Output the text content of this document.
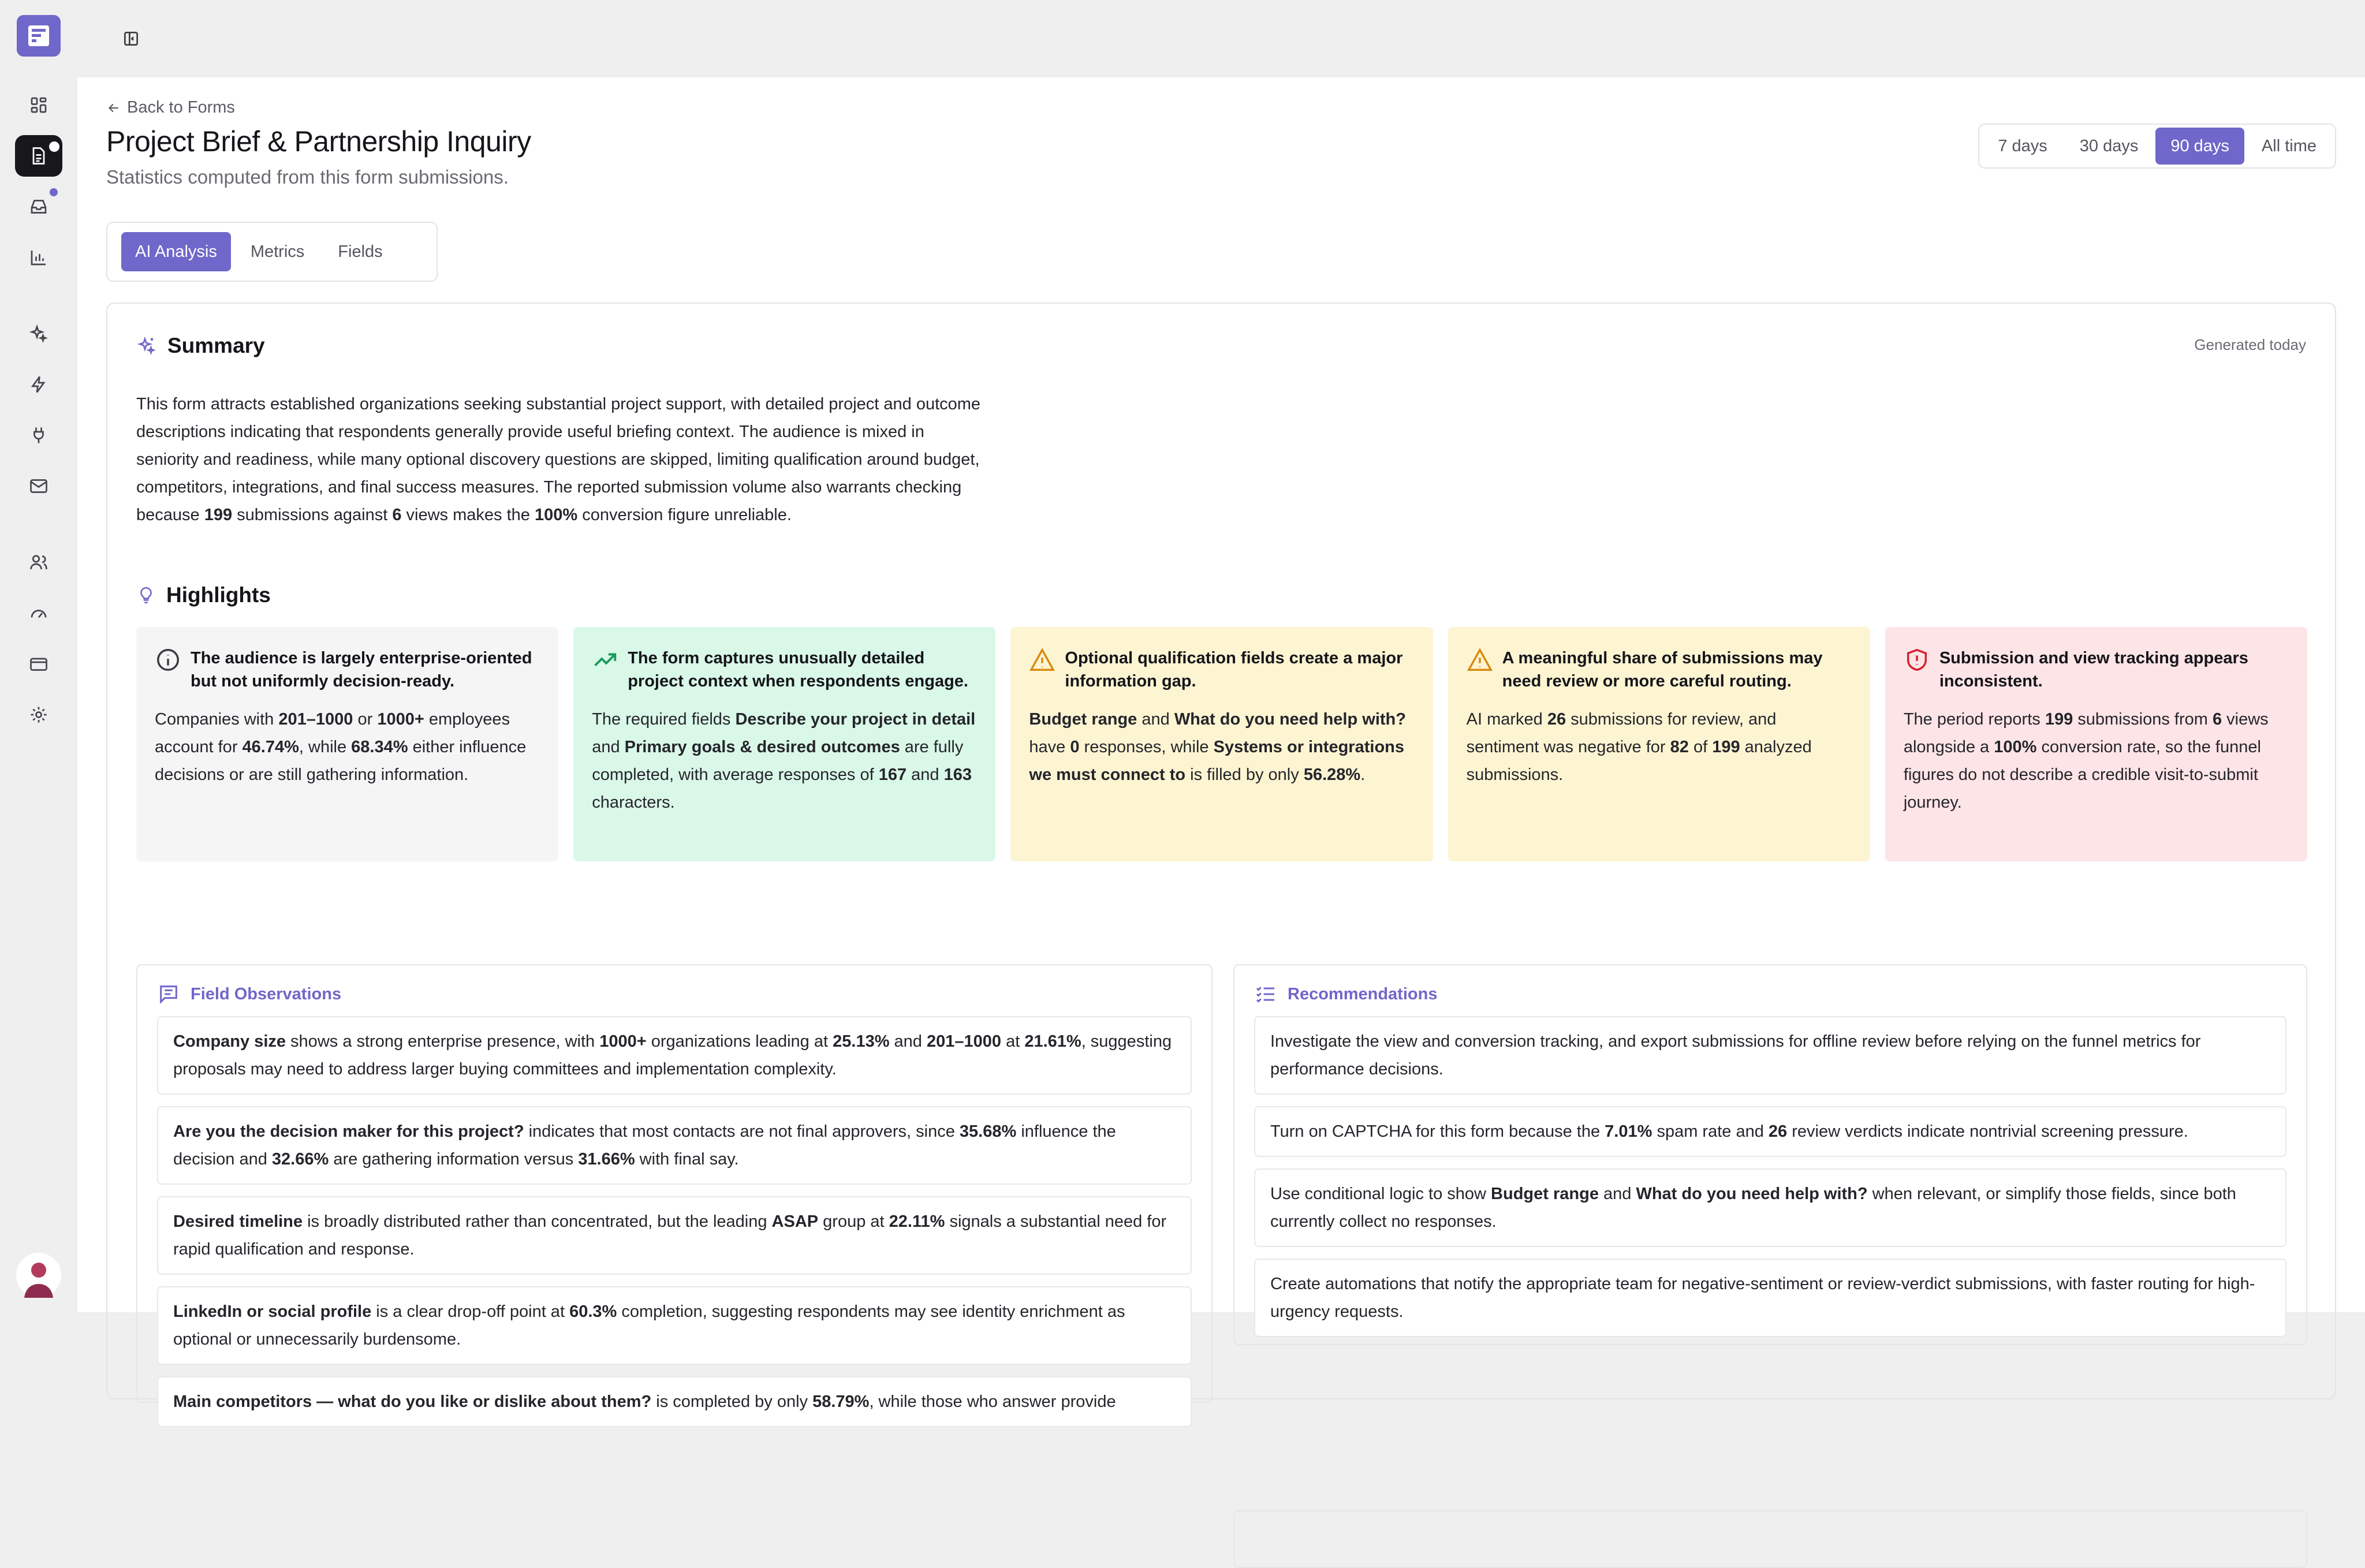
Back to Forms
Project Brief & Partnership Inquiry
Statistics computed from this form submissions.
7 days	30 days	90 days	All time
AI Analysis	Metrics	Fields
Summary	Generated today
This form attracts established organizations seeking substantial project support, with detailed project and outcome descriptions indicating that respondents generally provide useful briefing context. The audience is mixed in seniority and readiness, while many optional discovery questions are skipped, limiting qualification around budget, competitors, integrations, and final success measures. The reported submission volume also warrants checking because 199 submissions against 6 views makes the 100% conversion figure unreliable.
Highlights
The audience is largely enterprise-oriented but not uniformly decision-ready.
Companies with 201–1000 or 1000+ employees account for 46.74%, while 68.34% either influence decisions or are still gathering information.
The form captures unusually detailed project context when respondents engage.
The required fields Describe your project in detail and Primary goals & desired outcomes are fully completed, with average responses of 167 and 163 characters.
Optional qualification fields create a major information gap.
Budget range and What do you need help with? have 0 responses, while Systems or integrations we must connect to is filled by only 56.28%.
A meaningful share of submissions may need review or more careful routing.
AI marked 26 submissions for review, and sentiment was negative for 82 of 199 analyzed submissions.
Submission and view tracking appears inconsistent.
The period reports 199 submissions from 6 views alongside a 100% conversion rate, so the funnel figures do not describe a credible visit-to-submit journey.
Field Observations
Company size shows a strong enterprise presence, with 1000+ organizations leading at 25.13% and 201–1000 at 21.61%, suggesting proposals may need to address larger buying committees and implementation complexity.
Are you the decision maker for this project? indicates that most contacts are not final approvers, since 35.68% influence the decision and 32.66% are gathering information versus 31.66% with final say.
Desired timeline is broadly distributed rather than concentrated, but the leading ASAP group at 22.11% signals a substantial need for rapid qualification and response.
LinkedIn or social profile is a clear drop-off point at 60.3% completion, suggesting respondents may see identity enrichment as optional or unnecessarily burdensome.
Main competitors — what do you like or dislike about them? is completed by only 58.79%, while those who answer provide
Recommendations
Investigate the view and conversion tracking, and export submissions for offline review before relying on the funnel metrics for performance decisions.
Turn on CAPTCHA for this form because the 7.01% spam rate and 26 review verdicts indicate nontrivial screening pressure.
Use conditional logic to show Budget range and What do you need help with? when relevant, or simplify those fields, since both currently collect no responses.
Create automations that notify the appropriate team for negative-sentiment or review-verdict submissions, with faster routing for high-urgency requests.
